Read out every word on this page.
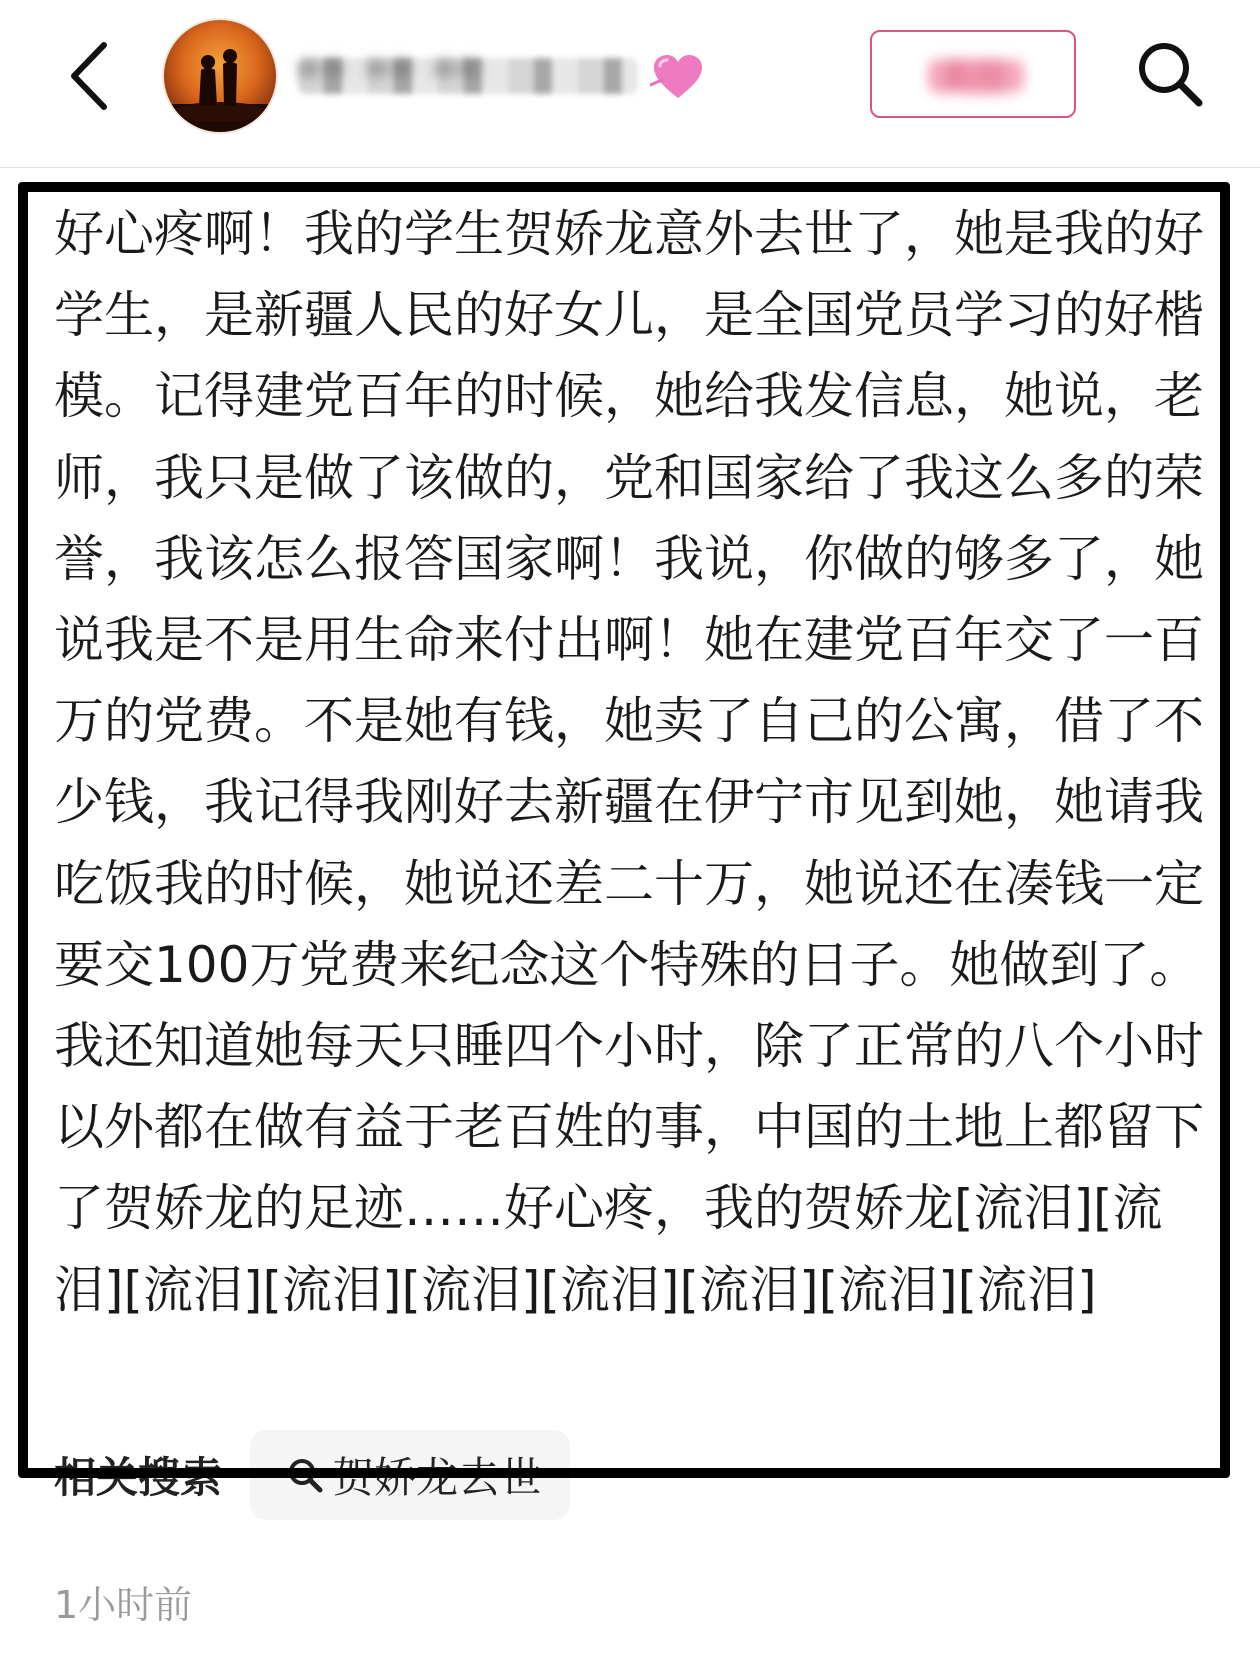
** ** **	关注
好心疼啊！我的学生贺娇龙意外去世了，她是我的好学生，是新疆人民的好女儿，是全国党员学习的好楷模。记得建党百年的时候，她给我发信息，她说，老师，我只是做了该做的，党和国家给了我这么多的荣誉，我该怎么报答国家啊！我说，你做的够多了，她说我是不是用生命来付出啊！她在建党百年交了一百万的党费。不是她有钱，她卖了自己的公寓，借了不少钱，我记得我刚好去新疆在伊宁市见到她，她请我吃饭我的时候，她说还差二十万，她说还在凑钱一定要交100万党费来纪念这个特殊的日子。她做到了。我还知道她每天只睡四个小时，除了正常的八个小时以外都在做有益于老百姓的事，中国的土地上都留下了贺娇龙的足迹……好心疼，我的贺娇龙[流泪][流泪][流泪][流泪][流泪][流泪][流泪][流泪][流泪]
相关搜索	贺娇龙去世
1小时前
